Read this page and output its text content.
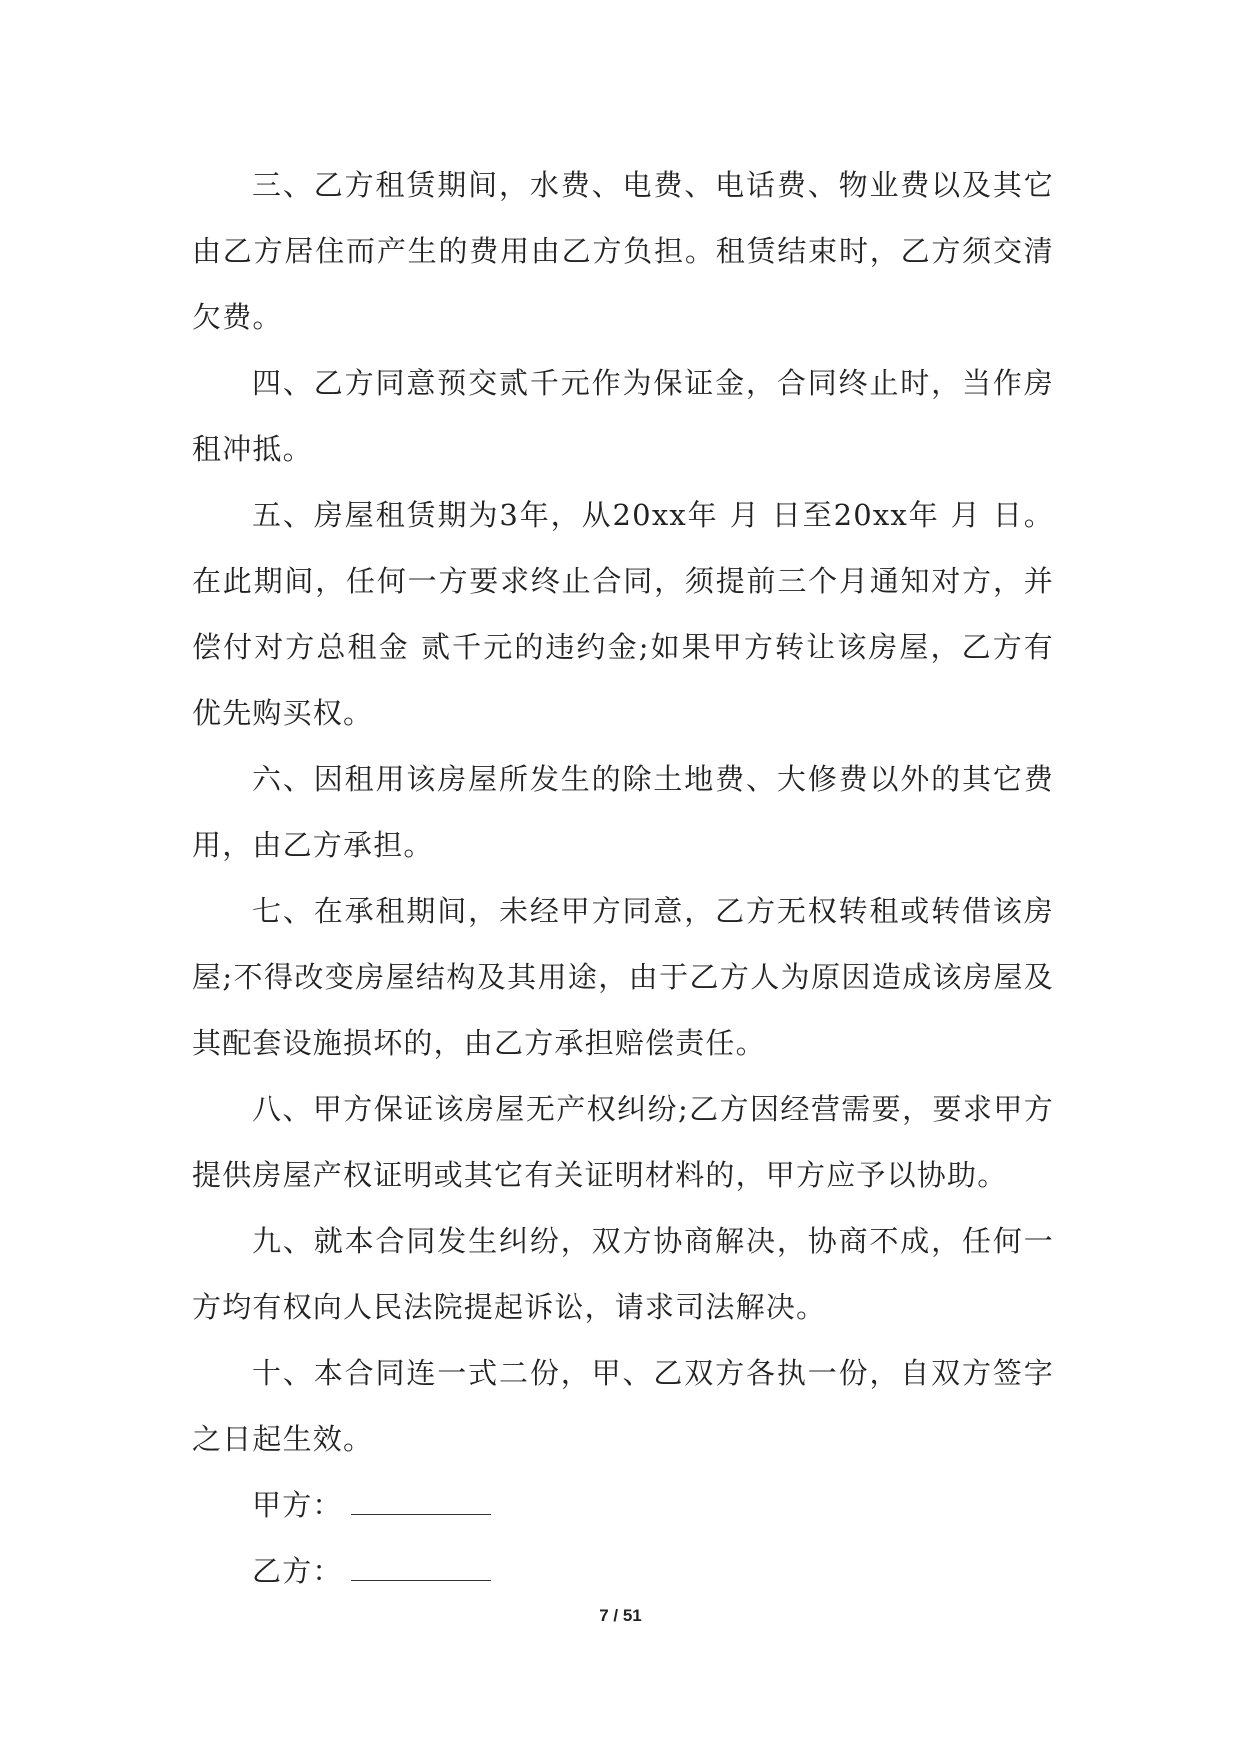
三、乙方租赁期间，水费、电费、电话费、物业费以及其它由乙方居住而产生的费用由乙方负担。租赁结束时，乙方须交清欠费。

四、乙方同意预交贰千元作为保证金，合同终止时，当作房租冲抵。

五、房屋租赁期为3年，从20xx年 月 日至20xx年 月 日。在此期间，任何一方要求终止合同，须提前三个月通知对方，并偿付对方总租金 贰千元的违约金;如果甲方转让该房屋，乙方有优先购买权。

六、因租用该房屋所发生的除土地费、大修费以外的其它费用，由乙方承担。

七、在承租期间，未经甲方同意，乙方无权转租或转借该房屋;不得改变房屋结构及其用途，由于乙方人为原因造成该房屋及其配套设施损坏的，由乙方承担赔偿责任。

八、甲方保证该房屋无产权纠纷;乙方因经营需要，要求甲方提供房屋产权证明或其它有关证明材料的，甲方应予以协助。

九、就本合同发生纠纷，双方协商解决，协商不成，任何一方均有权向人民法院提起诉讼，请求司法解决。

十、本合同连一式二份，甲、乙双方各执一份，自双方签字之日起生效。

甲方：

乙方：

7 / 51
